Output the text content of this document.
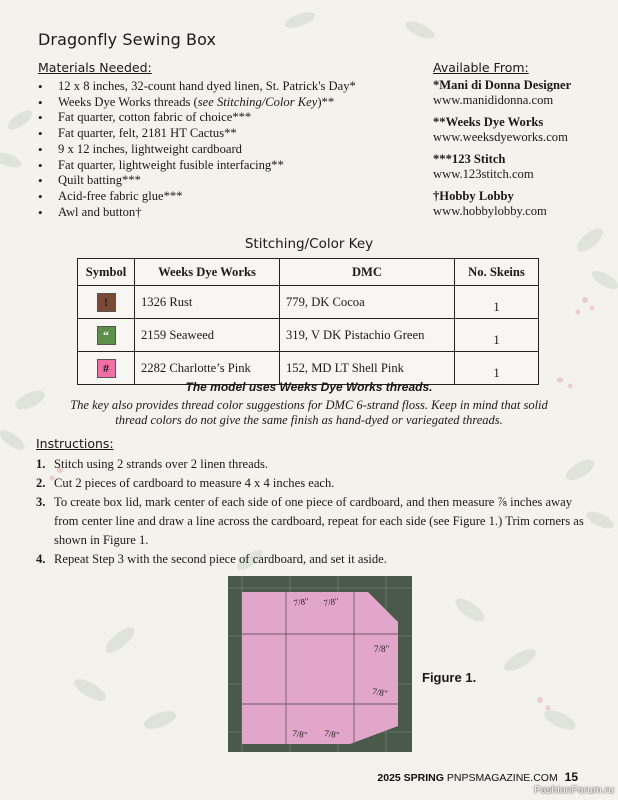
Dragonfly Sewing Box
Materials Needed:
• 12 x 8 inches, 32-count hand dyed linen, St. Patrick's Day*
• Weeks Dye Works threads (see Stitching/Color Key)**
• Fat quarter, cotton fabric of choice***
• Fat quarter, felt, 2181 HT Cactus**
• 9 x 12 inches, lightweight cardboard
• Fat quarter, lightweight fusible interfacing**
• Quilt batting***
• Acid-free fabric glue***
• Awl and button†
Available From:
*Mani di Donna Designer
www.manididonna.com
**Weeks Dye Works
www.weeksdyeworks.com
***123 Stitch
www.123stitch.com
†Hobby Lobby
www.hobbylobby.com
Stitching/Color Key
Symbol	Weeks Dye Works	DMC	No. Skeins
!	1326 Rust	779, DK Cocoa	1
“	2159 Seaweed	319, V DK Pistachio Green	1
#	2282 Charlotte’s Pink	152, MD LT Shell Pink	1
The model uses Weeks Dye Works threads.
The key also provides thread color suggestions for DMC 6-strand floss. Keep in mind that solid thread colors do not give the same finish as hand-dyed or variegated threads.
Instructions:
1. Stitch using 2 strands over 2 linen threads.
2. Cut 2 pieces of cardboard to measure 4 x 4 inches each.
3. To create box lid, mark center of each side of one piece of cardboard, and then measure ⅞ inches away from center line and draw a line across the cardboard, repeat for each side (see Figure 1.) Trim corners as shown in Figure 1.
4. Repeat Step 3 with the second piece of cardboard, and set it aside.
7/8" 7/8"
7/8"
7/8"
7/8" 7/8"
Figure 1.
2025 SPRING PNPSMAGAZINE.COM 15
FashionForum.ru
